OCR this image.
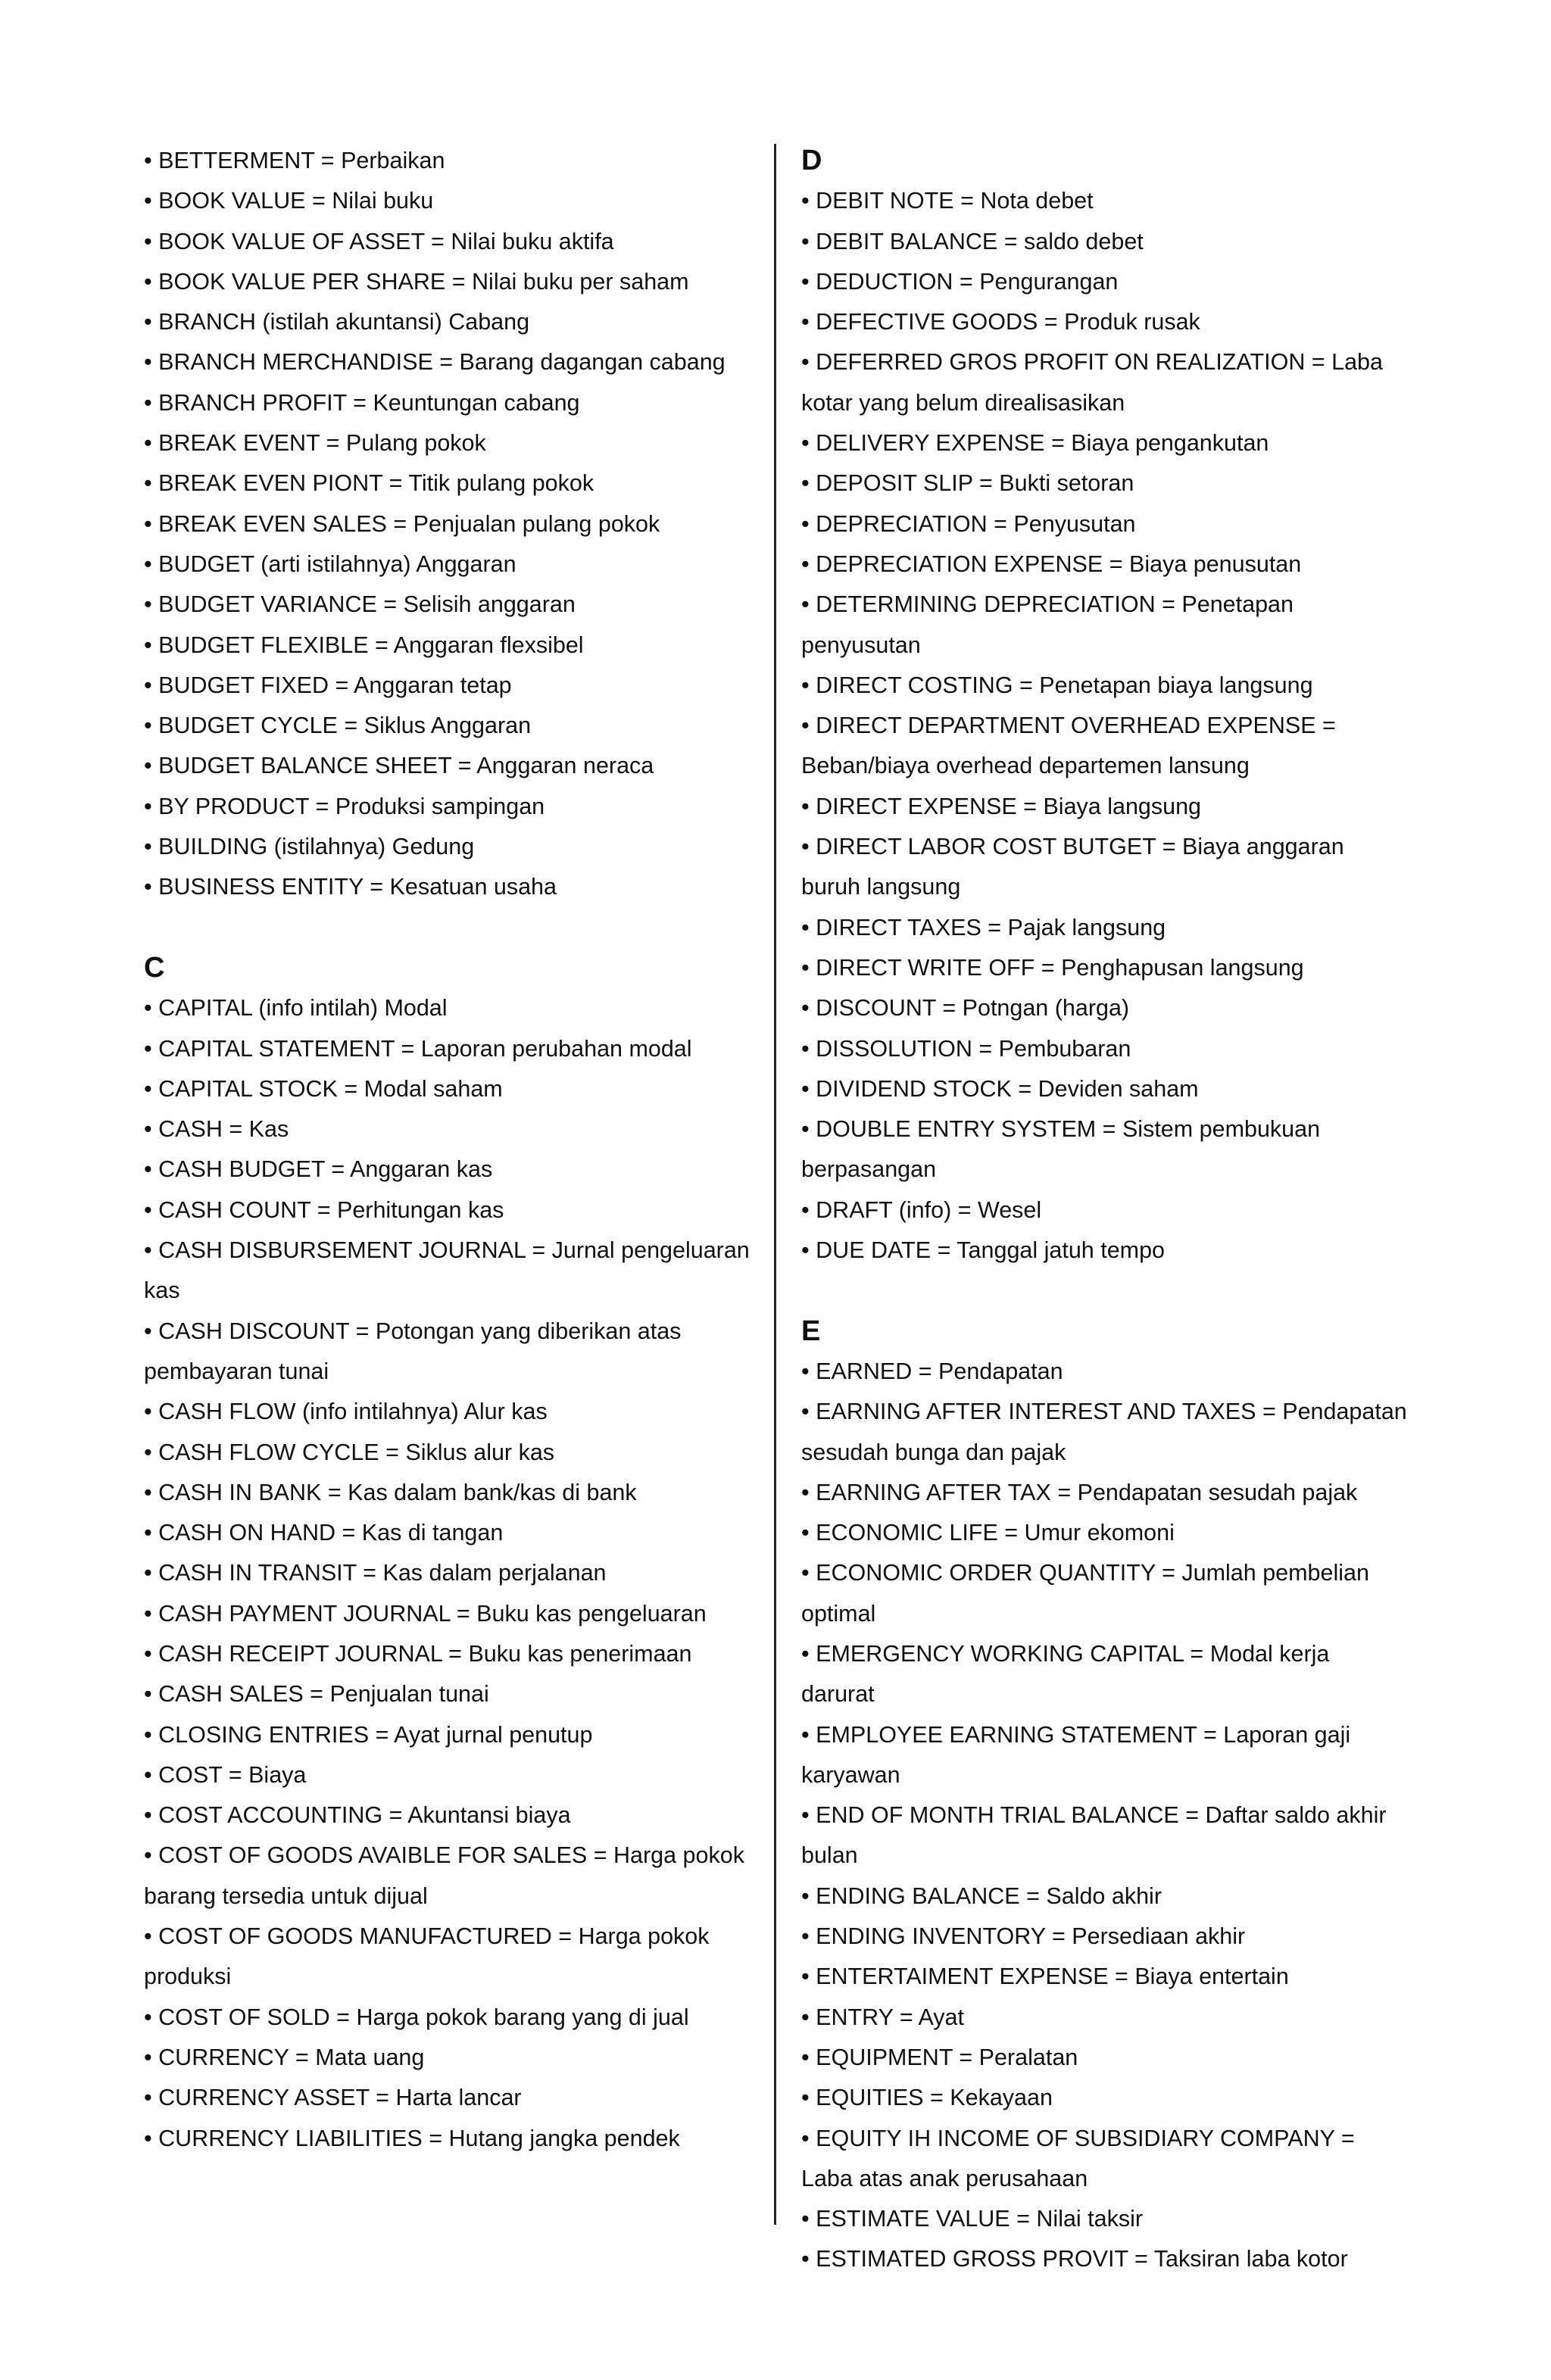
• BETTERMENT = Perbaikan

• BOOK VALUE = Nilai buku

• BOOK VALUE OF ASSET = Nilai buku aktifa

• BOOK VALUE PER SHARE = Nilai buku per saham

• BRANCH (istilah akuntansi) Cabang

• BRANCH MERCHANDISE = Barang dagangan cabang

• BRANCH PROFIT = Keuntungan cabang

• BREAK EVENT = Pulang pokok

• BREAK EVEN PIONT = Titik pulang pokok

• BREAK EVEN SALES = Penjualan pulang pokok

• BUDGET (arti istilahnya) Anggaran

• BUDGET VARIANCE = Selisih anggaran

• BUDGET FLEXIBLE = Anggaran flexsibel

• BUDGET FIXED = Anggaran tetap

• BUDGET CYCLE = Siklus Anggaran

• BUDGET BALANCE SHEET = Anggaran neraca

• BY PRODUCT = Produksi sampingan

• BUILDING (istilahnya) Gedung

• BUSINESS ENTITY = Kesatuan usaha

C

• CAPITAL (info intilah) Modal

• CAPITAL STATEMENT = Laporan perubahan modal

• CAPITAL STOCK = Modal saham

• CASH = Kas

• CASH BUDGET = Anggaran kas

• CASH COUNT = Perhitungan kas

• CASH DISBURSEMENT JOURNAL = Jurnal pengeluaran kas

• CASH DISCOUNT = Potongan yang diberikan atas pembayaran tunai

• CASH FLOW (info intilahnya) Alur kas

• CASH FLOW CYCLE = Siklus alur kas

• CASH IN BANK = Kas dalam bank/kas di bank

• CASH ON HAND = Kas di tangan

• CASH IN TRANSIT = Kas dalam perjalanan

• CASH PAYMENT JOURNAL = Buku kas pengeluaran

• CASH RECEIPT JOURNAL = Buku kas penerimaan

• CASH SALES = Penjualan tunai

• CLOSING ENTRIES = Ayat jurnal penutup

• COST = Biaya

• COST ACCOUNTING = Akuntansi biaya

• COST OF GOODS AVAIBLE FOR SALES = Harga pokok barang tersedia untuk dijual

• COST OF GOODS MANUFACTURED = Harga pokok produksi

• COST OF SOLD = Harga pokok barang yang di jual

• CURRENCY = Mata uang

• CURRENCY ASSET = Harta lancar

• CURRENCY LIABILITIES = Hutang jangka pendek

D

• DEBIT NOTE = Nota debet

• DEBIT BALANCE = saldo debet

• DEDUCTION = Pengurangan

• DEFECTIVE GOODS = Produk rusak

• DEFERRED GROS PROFIT ON REALIZATION = Laba kotar yang belum direalisasikan

• DELIVERY EXPENSE = Biaya pengankutan

• DEPOSIT SLIP = Bukti setoran

• DEPRECIATION = Penyusutan

• DEPRECIATION EXPENSE = Biaya penusutan

• DETERMINING DEPRECIATION = Penetapan penyusutan

• DIRECT COSTING = Penetapan biaya langsung

• DIRECT DEPARTMENT OVERHEAD EXPENSE = Beban/biaya overhead departemen lansung

• DIRECT EXPENSE = Biaya langsung

• DIRECT LABOR COST BUTGET = Biaya anggaran buruh langsung

• DIRECT TAXES = Pajak langsung

• DIRECT WRITE OFF = Penghapusan langsung

• DISCOUNT = Potngan (harga)

• DISSOLUTION = Pembubaran

• DIVIDEND STOCK = Deviden saham

• DOUBLE ENTRY SYSTEM = Sistem pembukuan berpasangan

• DRAFT (info) = Wesel

• DUE DATE = Tanggal jatuh tempo

E

• EARNED = Pendapatan

• EARNING AFTER INTEREST AND TAXES = Pendapatan sesudah bunga dan pajak

• EARNING AFTER TAX = Pendapatan sesudah pajak

• ECONOMIC LIFE = Umur ekomoni

• ECONOMIC ORDER QUANTITY = Jumlah pembelian optimal

• EMERGENCY WORKING CAPITAL = Modal kerja darurat

• EMPLOYEE EARNING STATEMENT = Laporan gaji karyawan

• END OF MONTH TRIAL BALANCE = Daftar saldo akhir bulan

• ENDING BALANCE = Saldo akhir

• ENDING INVENTORY = Persediaan akhir

• ENTERTAIMENT EXPENSE = Biaya entertain

• ENTRY = Ayat

• EQUIPMENT = Peralatan

• EQUITIES = Kekayaan

• EQUITY IH INCOME OF SUBSIDIARY COMPANY = Laba atas anak perusahaan

• ESTIMATE VALUE = Nilai taksir

• ESTIMATED GROSS PROVIT = Taksiran laba kotor
